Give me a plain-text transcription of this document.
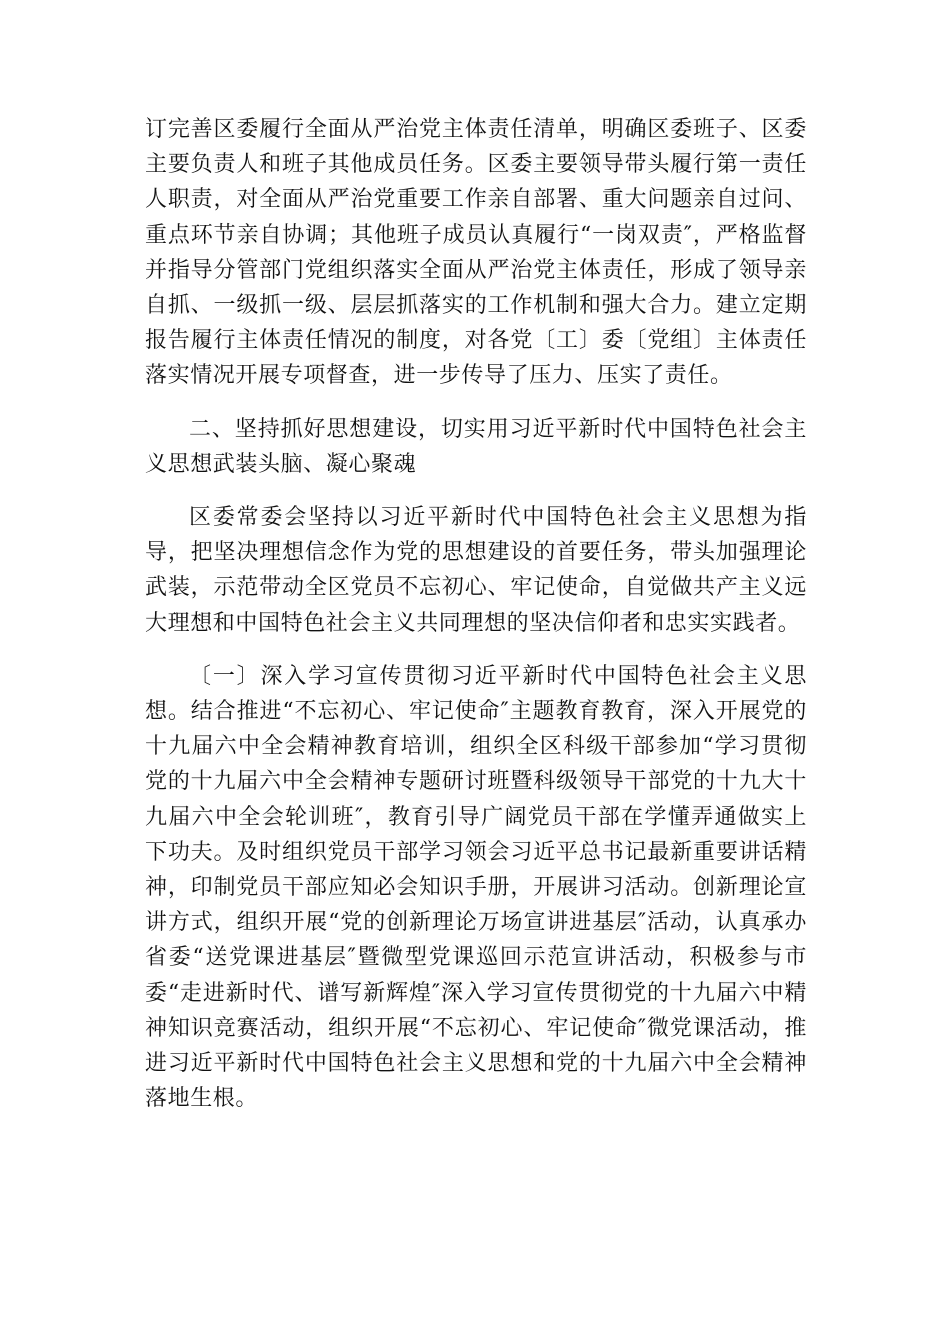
订完善区委履行全面从严治党主体责任清单，明确区委班子、区委主要负责人和班子其他成员任务。区委主要领导带头履行第一责任人职责，对全面从严治党重要工作亲自部署、重大问题亲自过问、重点环节亲自协调；其他班子成员认真履行“一岗双责″，严格监督并指导分管部门党组织落实全面从严治党主体责任，形成了领导亲自抓、一级抓一级、层层抓落实的工作机制和强大合力。建立定期报告履行主体责任情况的制度，对各党〔工〕委〔党组〕主体责任落实情况开展专项督查，进一步传导了压力、压实了责任。

二、坚持抓好思想建设，切实用习近平新时代中国特色社会主义思想武装头脑、凝心聚魂

区委常委会坚持以习近平新时代中国特色社会主义思想为指导，把坚决理想信念作为党的思想建设的首要任务，带头加强理论武装，示范带动全区党员不忘初心、牢记使命，自觉做共产主义远大理想和中国特色社会主义共同理想的坚决信仰者和忠实实践者。

〔一〕深入学习宣传贯彻习近平新时代中国特色社会主义思想。结合推进“不忘初心、牢记使命″主题教育教育，深入开展党的十九届六中全会精神教育培训，组织全区科级干部参加“学习贯彻党的十九届六中全会精神专题研讨班暨科级领导干部党的十九大十九届六中全会轮训班″，教育引导广阔党员干部在学懂弄通做实上下功夫。及时组织党员干部学习领会习近平总书记最新重要讲话精神，印制党员干部应知必会知识手册，开展讲习活动。创新理论宣讲方式，组织开展“党的创新理论万场宣讲进基层″活动，认真承办省委“送党课进基层″暨微型党课巡回示范宣讲活动，积极参与市委“走进新时代、谱写新辉煌″深入学习宣传贯彻党的十九届六中精神知识竞赛活动，组织开展“不忘初心、牢记使命″微党课活动，推进习近平新时代中国特色社会主义思想和党的十九届六中全会精神落地生根。
